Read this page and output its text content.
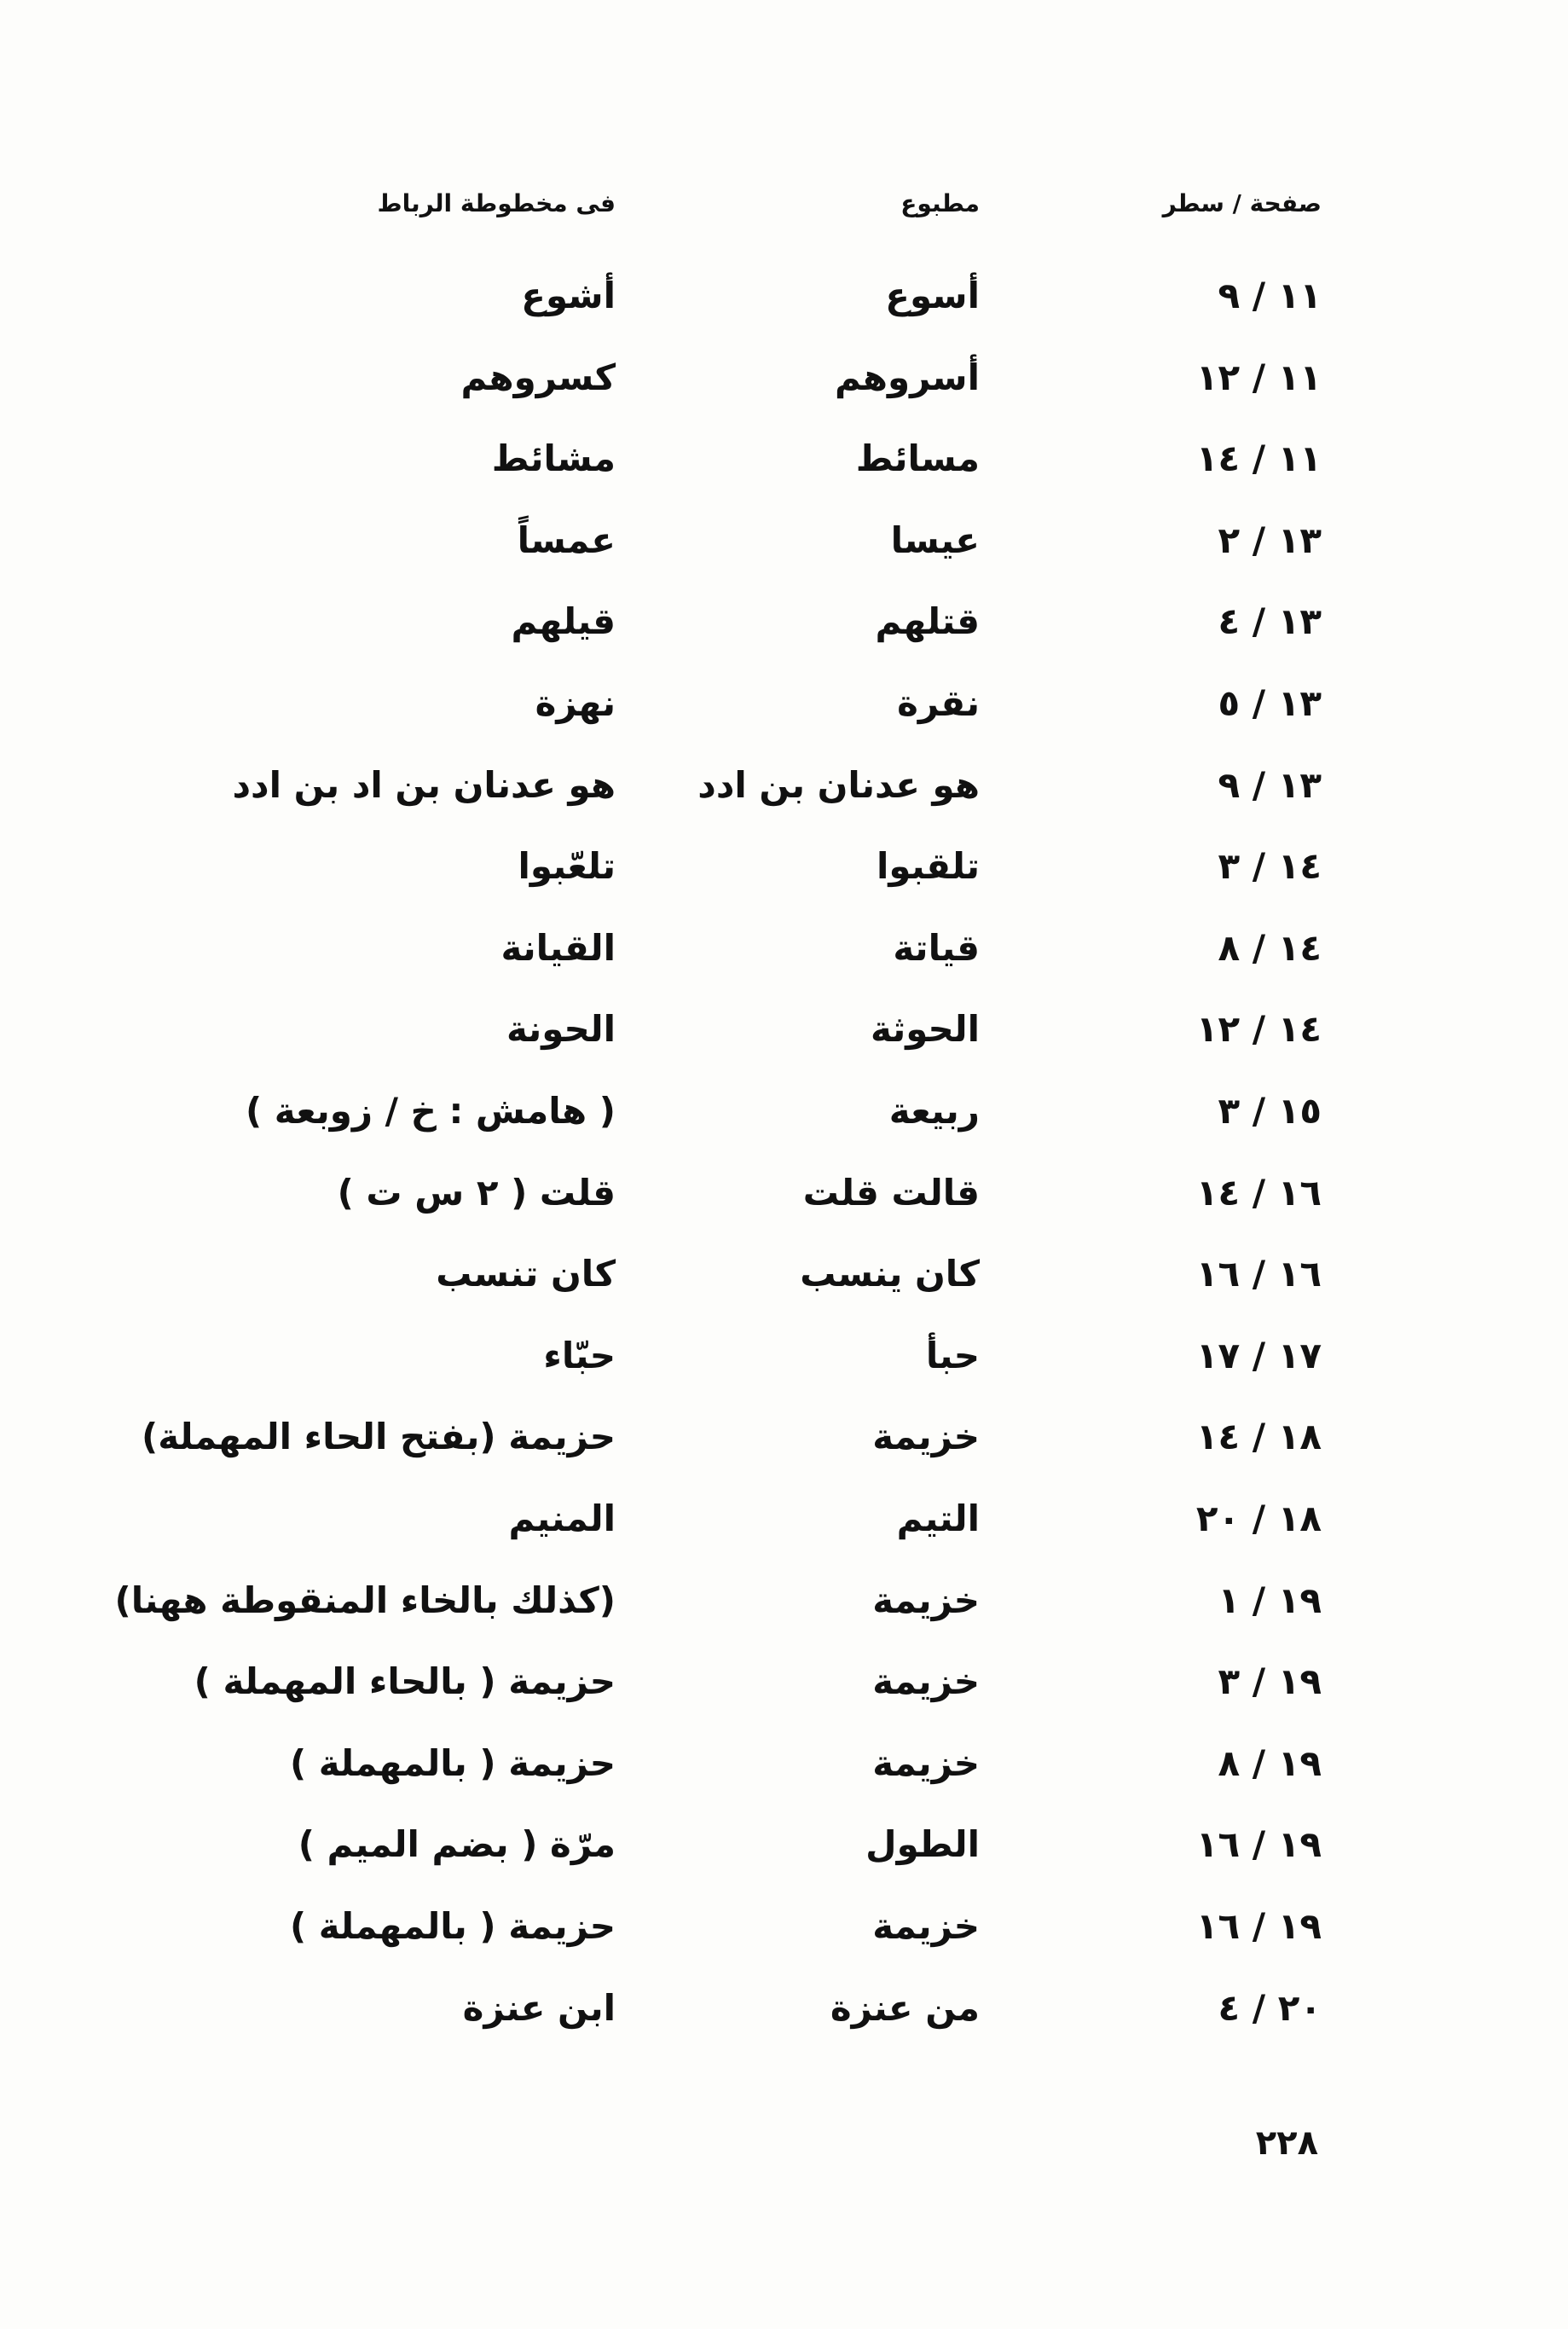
صفحة / سطر
مطبوع
فى مخطوطة الرباط
١١ / ٩
أسوع
أشوع
١١ / ١٢
أسروهم
كسروهم
١١ / ١٤
مسائط
مشائط
١٣ / ٢
عيسا
عمساً
١٣ / ٤
قتلهم
قيلهم
١٣ / ٥
نقرة
نهزة
١٣ / ٩
هو عدنان بن ادد
هو عدنان بن اد بن ادد
١٤ / ٣
تلقبوا
تلعّبوا
١٤ / ٨
قياتة
القيانة
١٤ / ١٢
الحوثة
الحونة
١٥ / ٣
ربيعة
( هامش : خ / زوبعة )
١٦ / ١٤
قالت قلت
قلت ( ٢ س ت )
١٦ / ١٦
كان ينسب
كان تنسب
١٧ / ١٧
حبأ
حبّاء
١٨ / ١٤
خزيمة
حزيمة (بفتح الحاء المهملة)
١٨ / ٢٠
التيم
المنيم
١٩ / ١
خزيمة
(كذلك بالخاء المنقوطة ههنا)
١٩ / ٣
خزيمة
حزيمة ( بالحاء المهملة )
١٩ / ٨
خزيمة
حزيمة ( بالمهملة )
١٩ / ١٦
الطول
مرّة ( بضم الميم )
١٩ / ١٦
خزيمة
حزيمة ( بالمهملة )
٢٠ / ٤
من عنزة
ابن عنزة
٢٢٨
